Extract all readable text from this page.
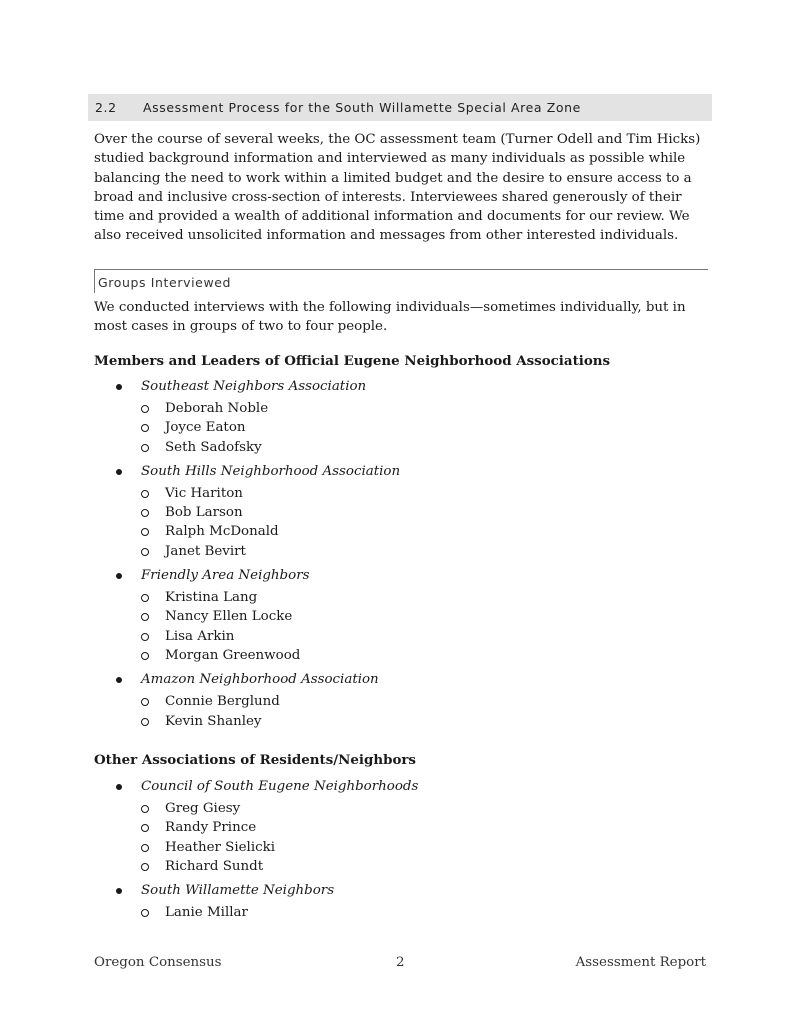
2.2	Assessment Process for the South Willamette Special Area Zone

Over the course of several weeks, the OC assessment team (Turner Odell and Tim Hicks) studied background information and interviewed as many individuals as possible while balancing the need to work within a limited budget and the desire to ensure access to a broad and inclusive cross-section of interests. Interviewees shared generously of their time and provided a wealth of additional information and documents for our review. We also received unsolicited information and messages from other interested individuals.

Groups Interviewed

We conducted interviews with the following individuals—sometimes individually, but in most cases in groups of two to four people.

Members and Leaders of Official Eugene Neighborhood Associations

Southeast Neighbors Association
Deborah Noble
Joyce Eaton
Seth Sadofsky
South Hills Neighborhood Association
Vic Hariton
Bob Larson
Ralph McDonald
Janet Bevirt
Friendly Area Neighbors
Kristina Lang
Nancy Ellen Locke
Lisa Arkin
Morgan Greenwood
Amazon Neighborhood Association
Connie Berglund
Kevin Shanley

Other Associations of Residents/Neighbors

Council of South Eugene Neighborhoods
Greg Giesy
Randy Prince
Heather Sielicki
Richard Sundt
South Willamette Neighbors
Lanie Millar
Oregon Consensus	2	Assessment Report
